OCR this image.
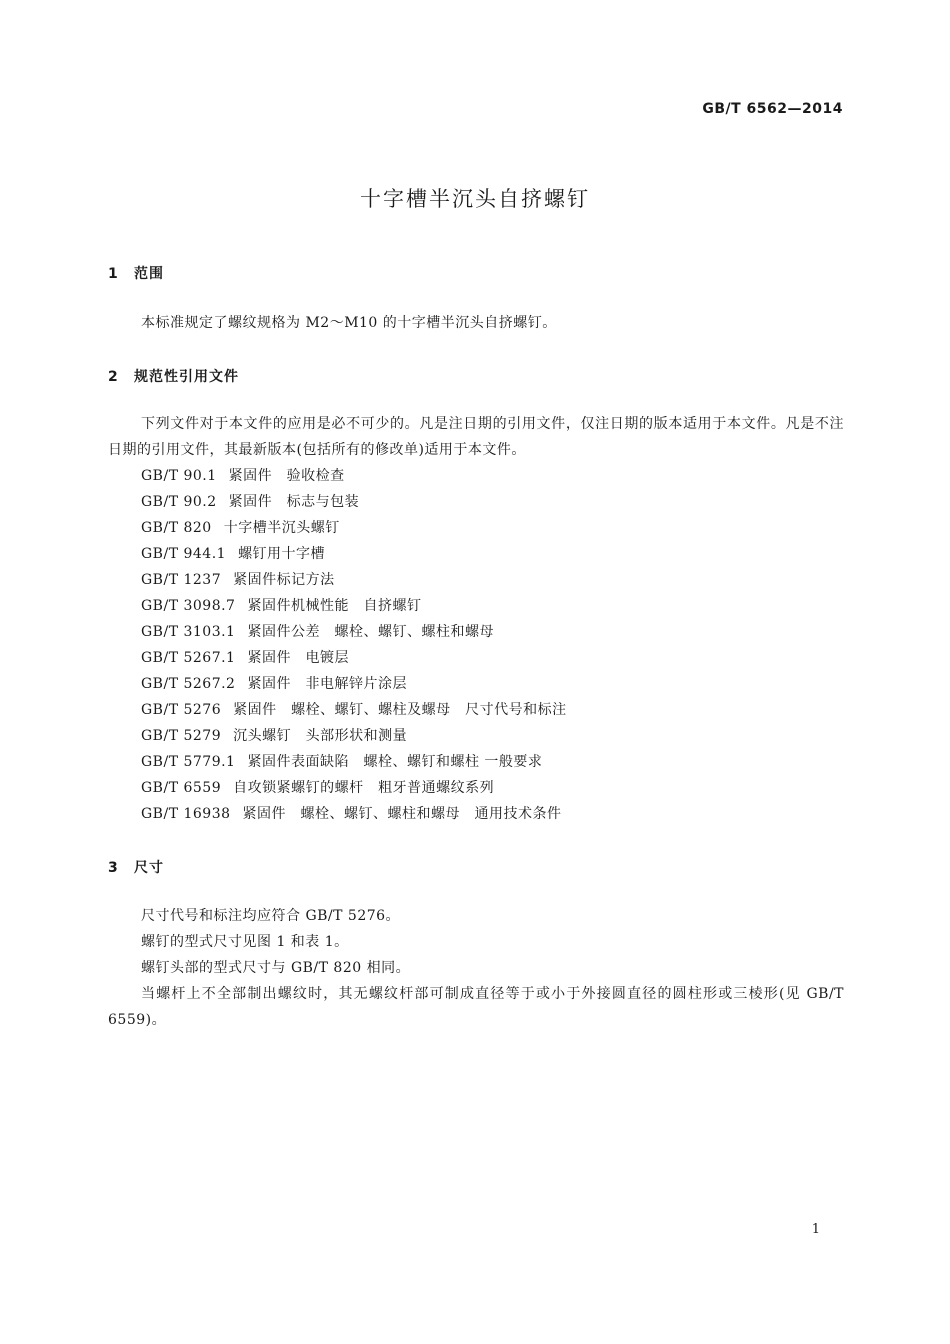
GB/T 6562—2014
十字槽半沉头自挤螺钉
1 范围
本标准规定了螺纹规格为 M2～M10 的十字槽半沉头自挤螺钉。
2 规范性引用文件
下列文件对于本文件的应用是必不可少的。凡是注日期的引用文件，仅注日期的版本适用于本文件。凡是不注日期的引用文件，其最新版本(包括所有的修改单)适用于本文件。
GB/T 90.1 紧固件　验收检查
GB/T 90.2 紧固件　标志与包装
GB/T 820 十字槽半沉头螺钉
GB/T 944.1 螺钉用十字槽
GB/T 1237 紧固件标记方法
GB/T 3098.7 紧固件机械性能　自挤螺钉
GB/T 3103.1 紧固件公差　螺栓、螺钉、螺柱和螺母
GB/T 5267.1 紧固件　电镀层
GB/T 5267.2 紧固件　非电解锌片涂层
GB/T 5276 紧固件　螺栓、螺钉、螺柱及螺母　尺寸代号和标注
GB/T 5279 沉头螺钉　头部形状和测量
GB/T 5779.1 紧固件表面缺陷　螺栓、螺钉和螺柱 一般要求
GB/T 6559 自攻锁紧螺钉的螺杆　粗牙普通螺纹系列
GB/T 16938 紧固件　螺栓、螺钉、螺柱和螺母　通用技术条件
3 尺寸
尺寸代号和标注均应符合 GB/T 5276。
螺钉的型式尺寸见图 1 和表 1。
螺钉头部的型式尺寸与 GB/T 820 相同。
当螺杆上不全部制出螺纹时，其无螺纹杆部可制成直径等于或小于外接圆直径的圆柱形或三棱形(见 GB/T 6559)。
1
